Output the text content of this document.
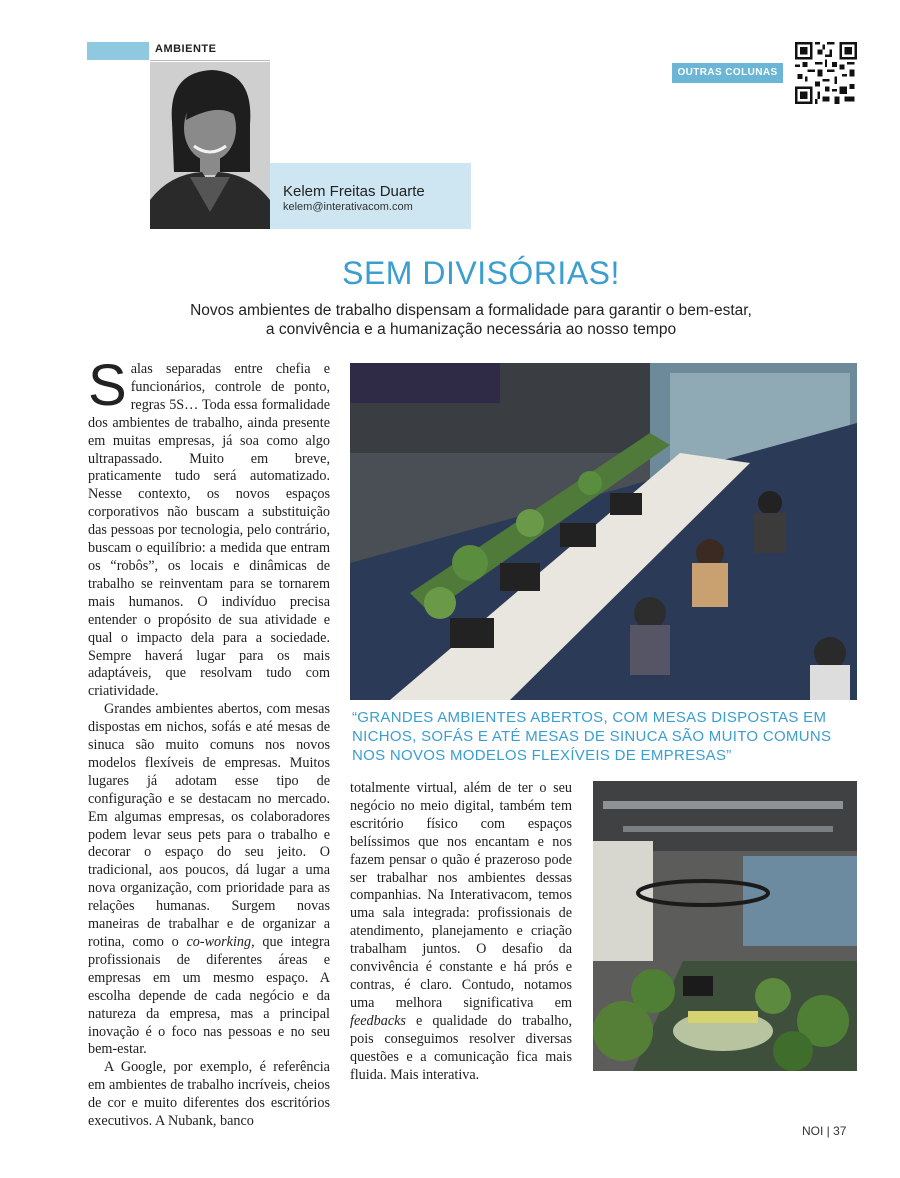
AMBIENTE
OUTRAS COLUNAS
Kelem Freitas Duarte
kelem@interativacom.com
SEM DIVISÓRIAS!
Novos ambientes de trabalho dispensam a formalidade para garantir o bem-estar,
a convivência e a humanização necessária ao nosso tempo

Salas separadas entre chefia e funcionários, controle de ponto, regras 5S… Toda essa formalidade dos ambientes de trabalho, ainda presente em muitas empresas, já soa como algo ultrapassado. Muito em breve, praticamente tudo será automatizado. Nesse contexto, os novos espaços corporativos não buscam a substituição das pessoas por tecnologia, pelo contrário, buscam o equilíbrio: a medida que entram os “robôs”, os locais e dinâmicas de trabalho se reinventam para se tornarem mais humanos. O indivíduo precisa entender o propósito de sua atividade e qual o impacto dela para a sociedade. Sempre haverá lugar para os mais adaptáveis, que resolvam tudo com criatividade.

Grandes ambientes abertos, com mesas dispostas em nichos, sofás e até mesas de sinuca são muito comuns nos novos modelos flexíveis de empresas. Muitos lugares já adotam esse tipo de configuração e se destacam no mercado. Em algumas empresas, os colaboradores podem levar seus pets para o trabalho e decorar o espaço do seu jeito. O tradicional, aos poucos, dá lugar a uma nova organização, com prioridade para as relações humanas. Surgem novas maneiras de trabalhar e de organizar a rotina, como o co-working, que integra profissionais de diferentes áreas e empresas em um mesmo espaço. A escolha depende de cada negócio e da natureza da empresa, mas a principal inovação é o foco nas pessoas e no seu bem-estar.

A Google, por exemplo, é referência em ambientes de trabalho incríveis, cheios de cor e muito diferentes dos escritórios executivos. A Nubank, banco

“GRANDES AMBIENTES ABERTOS, COM MESAS DISPOSTAS EM NICHOS, SOFÁS E ATÉ MESAS DE SINUCA SÃO MUITO COMUNS NOS NOVOS MODELOS FLEXÍVEIS DE EMPRESAS”

totalmente virtual, além de ter o seu negócio no meio digital, também tem escritório físico com espaços belíssimos que nos encantam e nos fazem pensar o quão é prazeroso pode ser trabalhar nos ambientes dessas companhias. Na Interativacom, temos uma sala integrada: profissionais de atendimento, planejamento e criação trabalham juntos. O desafio da convivência é constante e há prós e contras, é claro. Contudo, notamos uma melhora significativa em feedbacks e qualidade do trabalho, pois conseguimos resolver diversas questões e a comunicação fica mais fluida. Mais interativa.

NOI | 37
